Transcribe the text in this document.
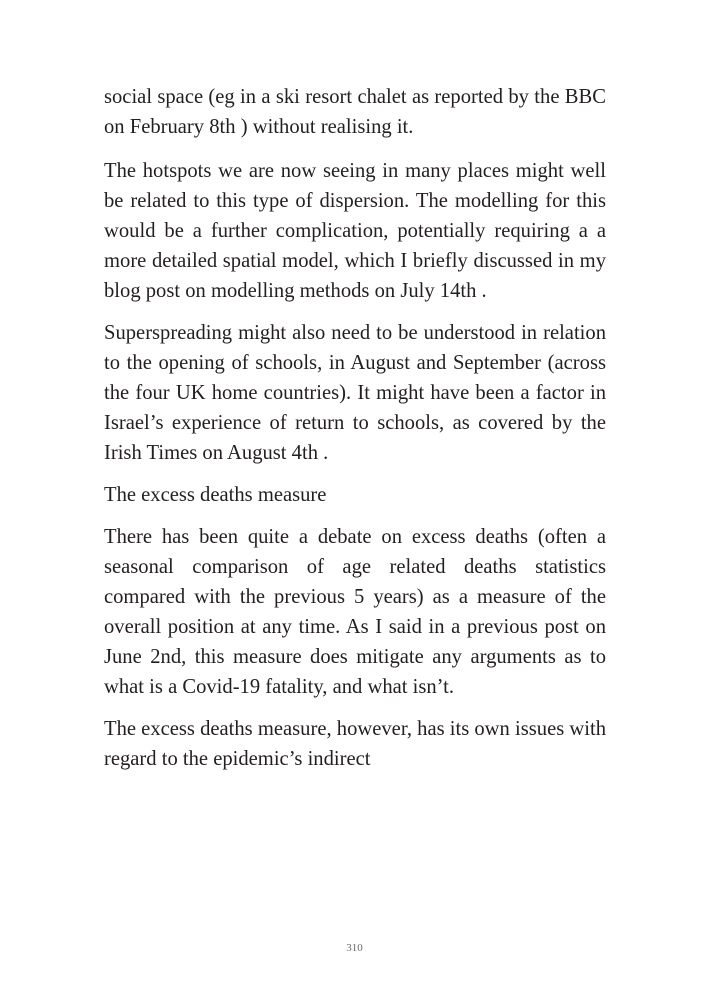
social space (eg in a ski resort chalet as reported by the BBC on February 8th ) without realising it.

The hotspots we are now seeing in many places might well be related to this type of dispersion. The modelling for this would be a further complication, potentially requiring a a more detailed spatial model, which I briefly discussed in my blog post on modelling methods on July 14th .

Superspreading might also need to be understood in relation to the opening of schools, in August and September (across the four UK home countries). It might have been a factor in Israel’s experience of return to schools, as covered by the Irish Times on August 4th .

The excess deaths measure

There has been quite a debate on excess deaths (often a seasonal comparison of age related deaths statistics compared with the previous 5 years) as a measure of the overall position at any time. As I said in a previous post on June 2nd, this measure does mitigate any arguments as to what is a Covid-19 fatality, and what isn’t.

The excess deaths measure, however, has its own issues with regard to the epidemic’s indirect

310
